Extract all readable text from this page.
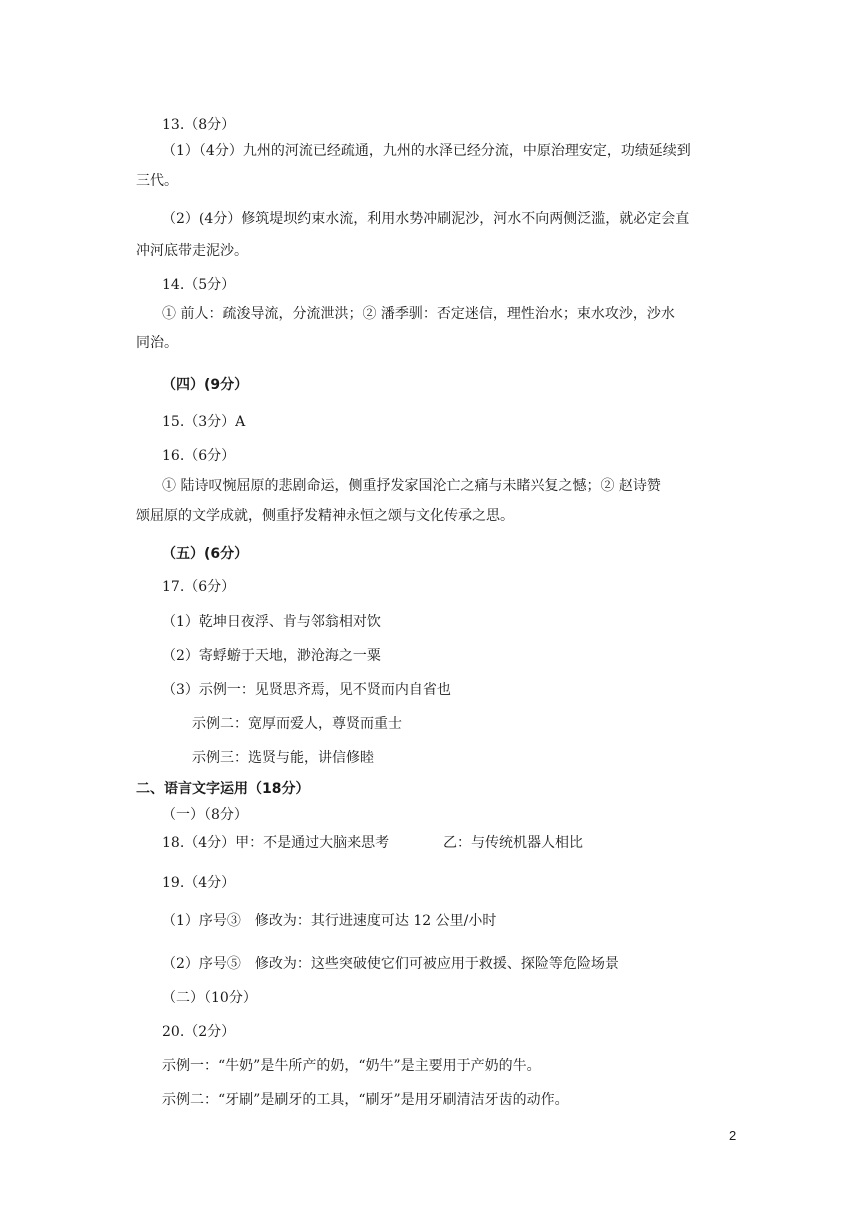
13.（8分）
（1）（4分）九州的河流已经疏通，九州的水泽已经分流，中原治理安定，功绩延续到
三代。
（2）(4分）修筑堤坝约束水流，利用水势冲刷泥沙，河水不向两侧泛滥，就必定会直
冲河底带走泥沙。
14.（5分）
① 前人：疏浚导流，分流泄洪；② 潘季驯：否定迷信，理性治水；束水攻沙，沙水
同治。
（四）(9分）
15.（3分）A
16.（6分）
① 陆诗叹惋屈原的悲剧命运，侧重抒发家国沦亡之痛与未睹兴复之憾；② 赵诗赞
颂屈原的文学成就，侧重抒发精神永恒之颂与文化传承之思。
（五）(6分）
17.（6分）
（1）乾坤日夜浮、肯与邻翁相对饮
（2）寄蜉蝣于天地，渺沧海之一粟
（3）示例一：见贤思齐焉，见不贤而内自省也
示例二：宽厚而爱人，尊贤而重士
示例三：选贤与能，讲信修睦
二、语言文字运用（18分）
（一）（8分）
18.（4分）甲：不是通过大脑来思考	乙：与传统机器人相比
19.（4分）
（1）序号③　修改为：其行进速度可达 12 公里/小时
（2）序号⑤　修改为：这些突破使它们可被应用于救援、探险等危险场景
（二）（10分）
20.（2分）
示例一：“牛奶”是牛所产的奶，“奶牛”是主要用于产奶的牛。
示例二：“牙刷”是刷牙的工具，“刷牙”是用牙刷清洁牙齿的动作。
2
